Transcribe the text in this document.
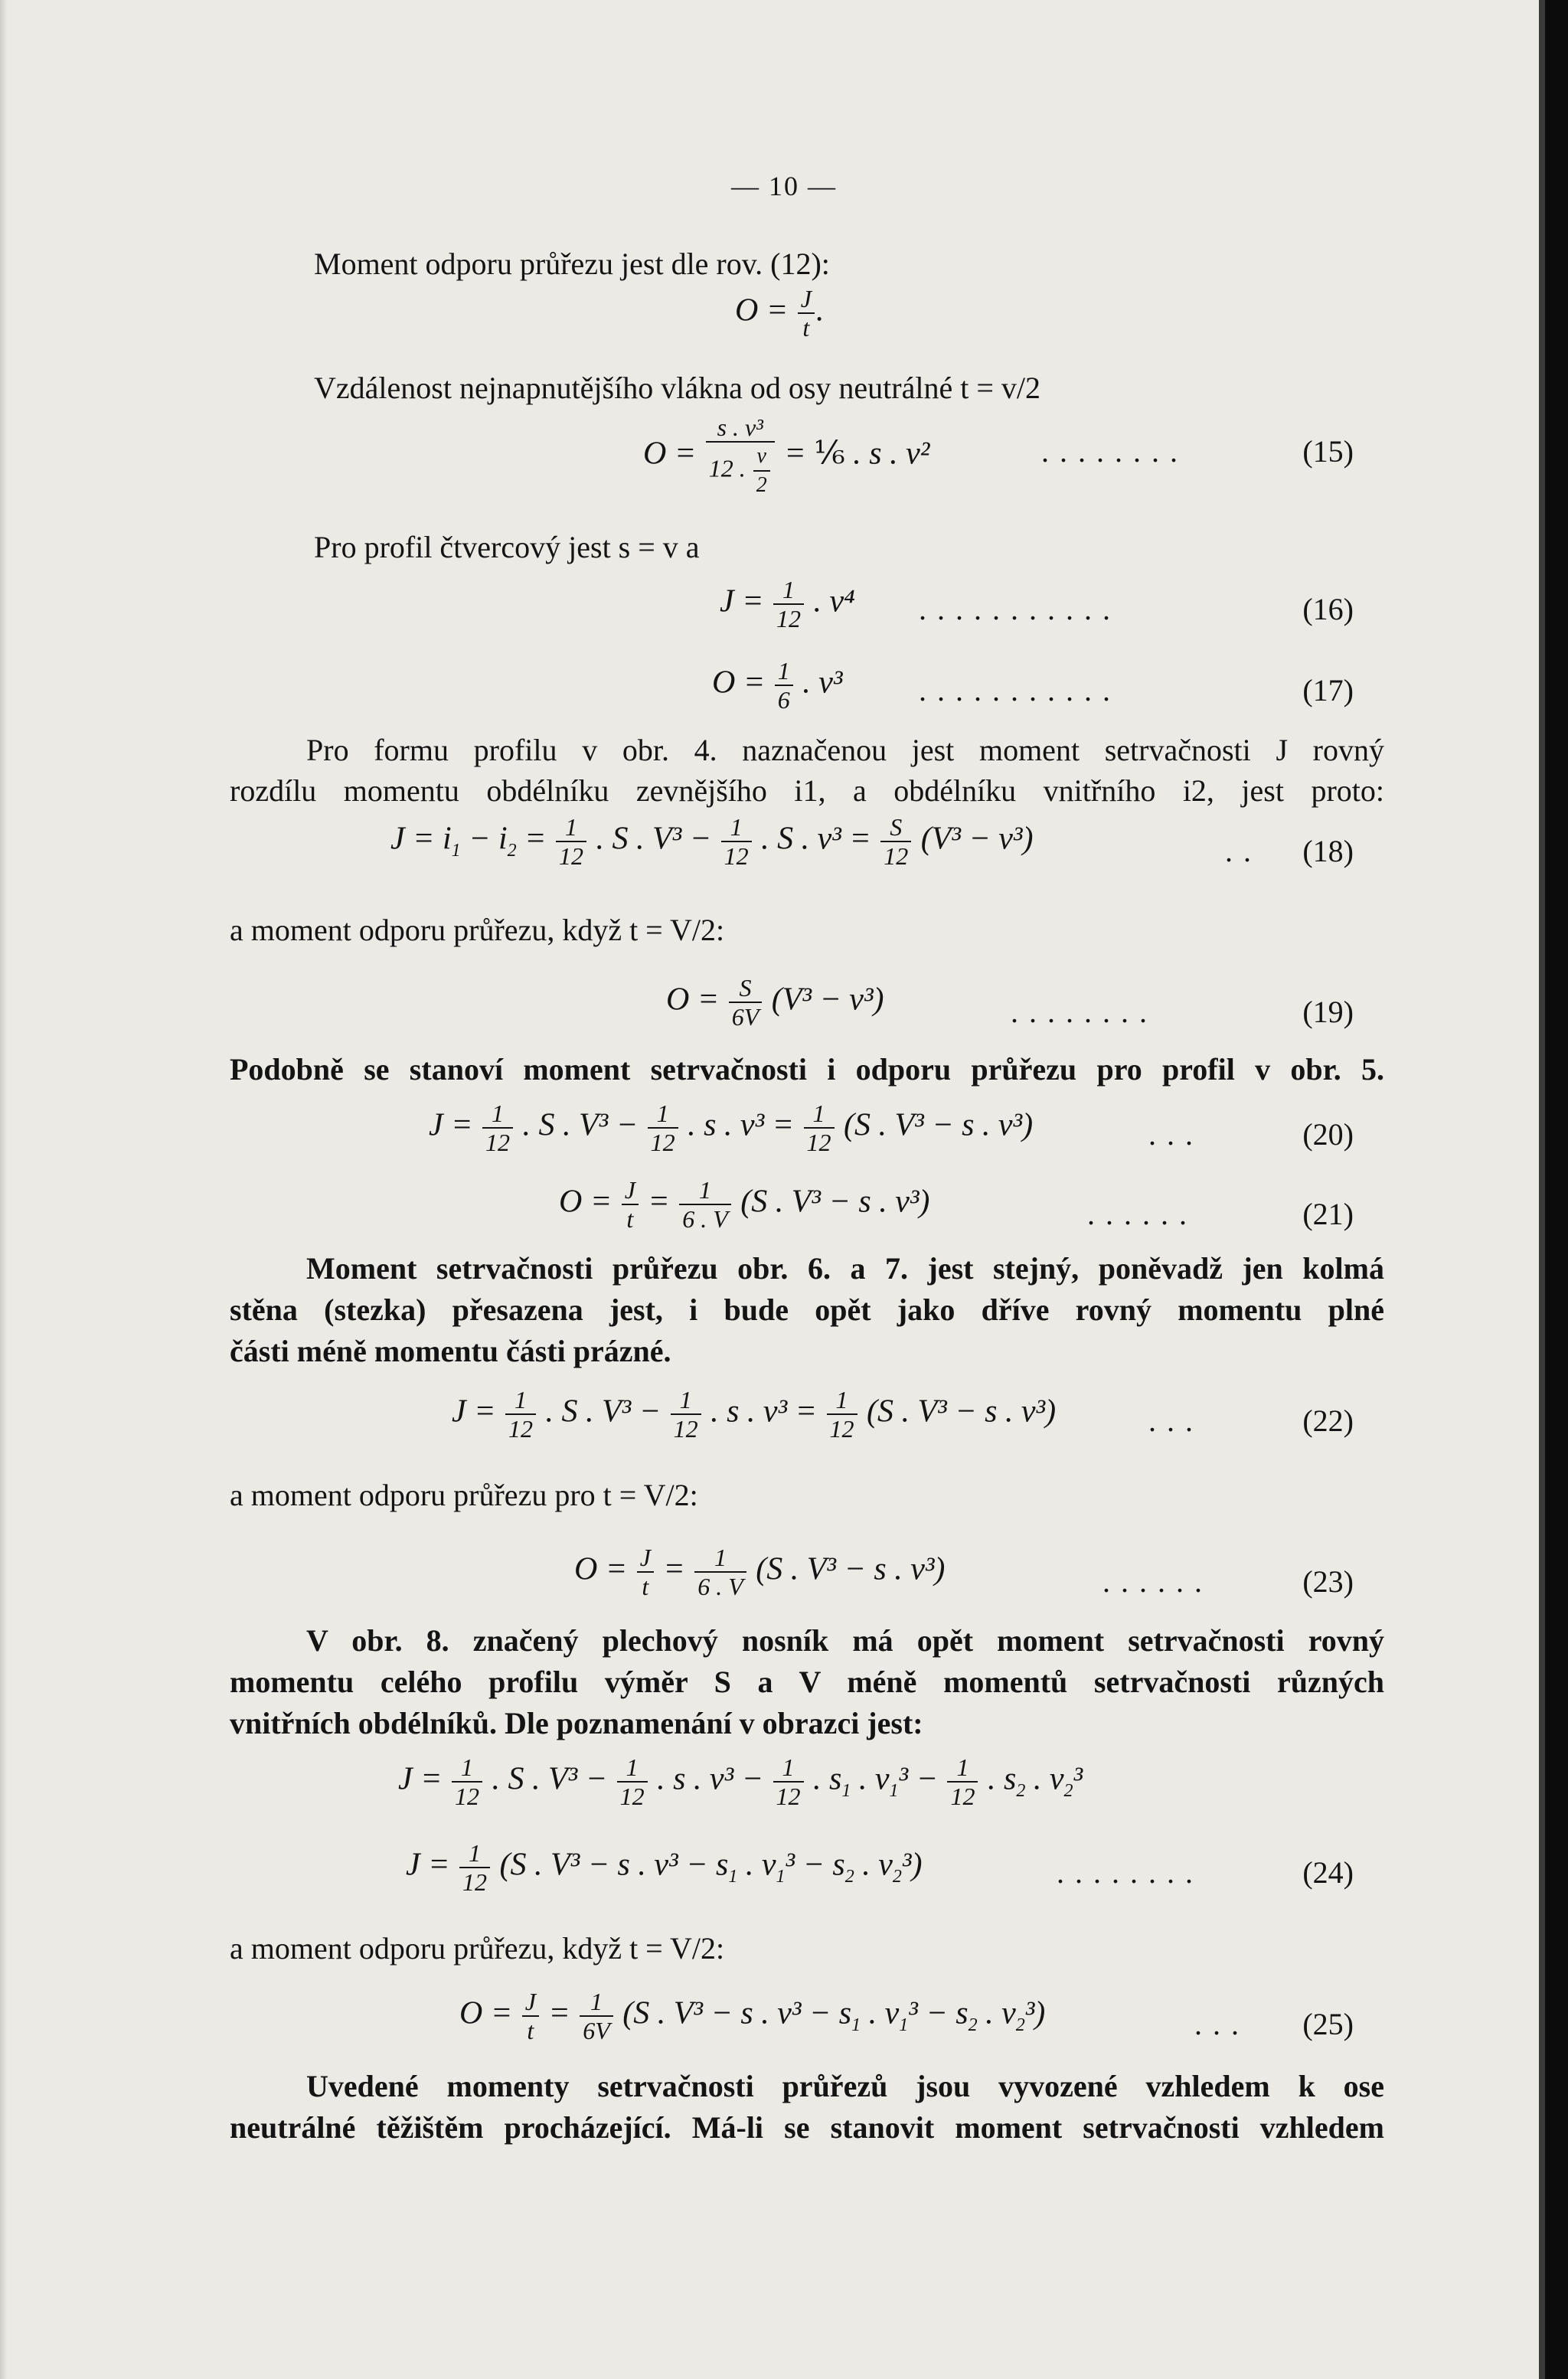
— 10 —
Moment odporu průřezu jest dle rov. (12):
$O = \frac{J}{t}$ .
Vzdálenost nejnapnutějšího vlákna od osy neutrálné t = v/2
$O = \frac{\text{s . v³}}{12 . \frac{v}{2}}$ = ⅙ . s . v²	........	(15)
Pro profil čtvercový jest s = v a
$J = \frac{1}{12}$ . v⁴ ...........	(16)
$O = \frac{1}{6}$ . v³ ...........	(17)
Pro formu profilu v obr. 4. naznačenou jest moment setrvačnosti J rovný
rozdílu momentu obdélníku zevnějšího i1, a obdélníku vnitřního i2, jest proto:
$J = i_1 - i_2 = \frac{1}{12}$ . S . $V^3 - \frac{1}{12}$ . S . $v^3 = \frac{S}{12} (V^3 - v^3)$	.. (18)
a moment odporu průřezu, když t = V/2:
$O = \frac{S}{6V} (V^3 - v^3)$	........	(19)
Podobně se stanoví moment setrvačnosti i odporu průřezu pro profil v obr. 5.
$J = \frac{1}{12}$ . S . $V^3 - \frac{1}{12}$ . s . $v^3 = \frac{1}{12} (S$ . V³ − s . v³)	...	(20)
$O = \frac{J}{t} = \frac{1}{6 . V} (S$ . V³ − s . v³)	......	(21)
Moment setrvačnosti průřezu obr. 6. a 7. jest stejný, poněvadž jen kolmá
stěna (stezka) přesazena jest, i bude opět jako dříve rovný momentu plné
části méně momentu části prázné.
$J = \frac{1}{12}$ . S . $V^3 - \frac{1}{12}$ . s . $v^3 = \frac{1}{12} (S$ . V³ − s . v³)	...	(22)
a moment odporu průřezu pro t = V/2:
$O = \frac{J}{t} = \frac{1}{6 . V} (S$ . V³ − s . v³)	......	(23)
V obr. 8. značený plechový nosník má opět moment setrvačnosti rovný
momentu celého profilu výměr S a V méně momentů setrvačnosti různých
vnitřních obdélníků. Dle poznamenání v obrazci jest:
$J = \frac{1}{12}$ . S . $V^3 - \frac{1}{12}$ . s . $v^3 - \frac{1}{12}$ . $s_1$ . $v_1^3 - \frac{1}{12}$ . $s_2$ . $v_2^3$
$J = \frac{1}{12} (S$ . V³ − s . $v^3 - s_1$ . $v_1^3 - s_2$ . $v_2^3$)	........	(24)
a moment odporu průřezu, když t = V/2:
$O = \frac{J}{t} = \frac{1}{6V} (S$ . V³ − s . $v^3 - s_1$ . $v_1^3 - s_2$ . $v_2^3$)	... (25)
Uvedené momenty setrvačnosti průřezů jsou vyvozené vzhledem k ose
neutrálné těžištěm procházející. Má-li se stanovit moment setrvačnosti vzhledem
